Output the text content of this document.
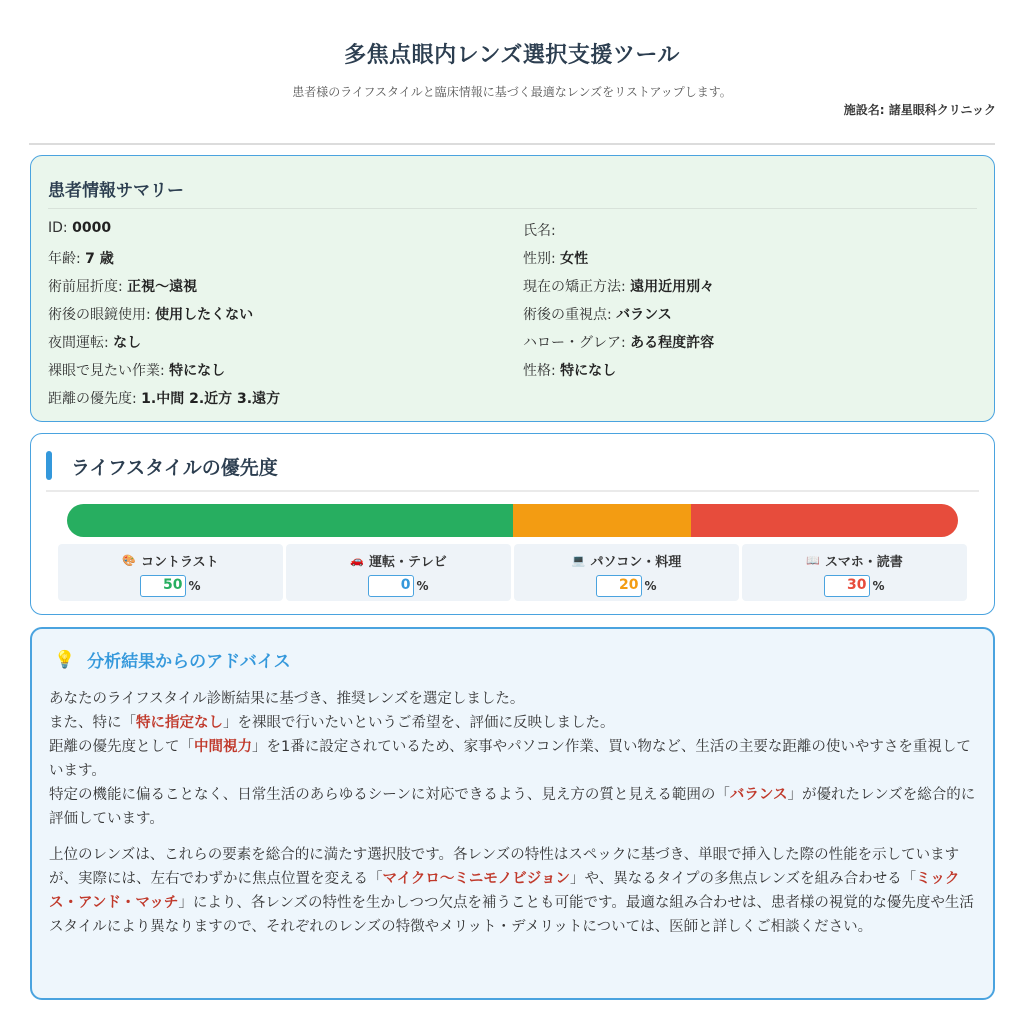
多焦点眼内レンズ選択支援ツール
患者様のライフスタイルと臨床情報に基づく最適なレンズをリストアップします。
施設名: 諸星眼科クリニック
患者情報サマリー
ID: 0000
年齢: 7 歳
術前屈折度: 正視〜遠視
術後の眼鏡使用: 使用したくない
夜間運転: なし
裸眼で見たい作業: 特になし
距離の優先度: 1.中間 2.近方 3.遠方
氏名:
性別: 女性
現在の矯正方法: 遠用近用別々
術後の重視点: バランス
ハロー・グレア: ある程度許容
性格: 特になし
ライフスタイルの優先度
🎨 コントラスト
50 %
🚗 運転・テレビ
0 %
💻 パソコン・料理
20 %
📖 スマホ・読書
30 %
💡 分析結果からのアドバイス

あなたのライフスタイル診断結果に基づき、推奨レンズを選定しました。

また、特に「特に指定なし」を裸眼で行いたいというご希望を、評価に反映しました。

距離の優先度として「中間視力」を1番に設定されているため、家事やパソコン作業、買い物など、生活の主要な距離の使いやすさを重視しています。

特定の機能に偏ることなく、日常生活のあらゆるシーンに対応できるよう、見え方の質と見える範囲の「バランス」が優れたレンズを総合的に評価しています。

上位のレンズは、これらの要素を総合的に満たす選択肢です。各レンズの特性はスペックに基づき、単眼で挿入した際の性能を示していますが、実際には、左右でわずかに焦点位置を変える「マイクロ〜ミニモノビジョン」や、異なるタイプの多焦点レンズを組み合わせる「ミックス・アンド・マッチ」により、各レンズの特性を生かしつつ欠点を補うことも可能です。最適な組み合わせは、患者様の視覚的な優先度や生活スタイルにより異なりますので、それぞれのレンズの特徴やメリット・デメリットについては、医師と詳しくご相談ください。
